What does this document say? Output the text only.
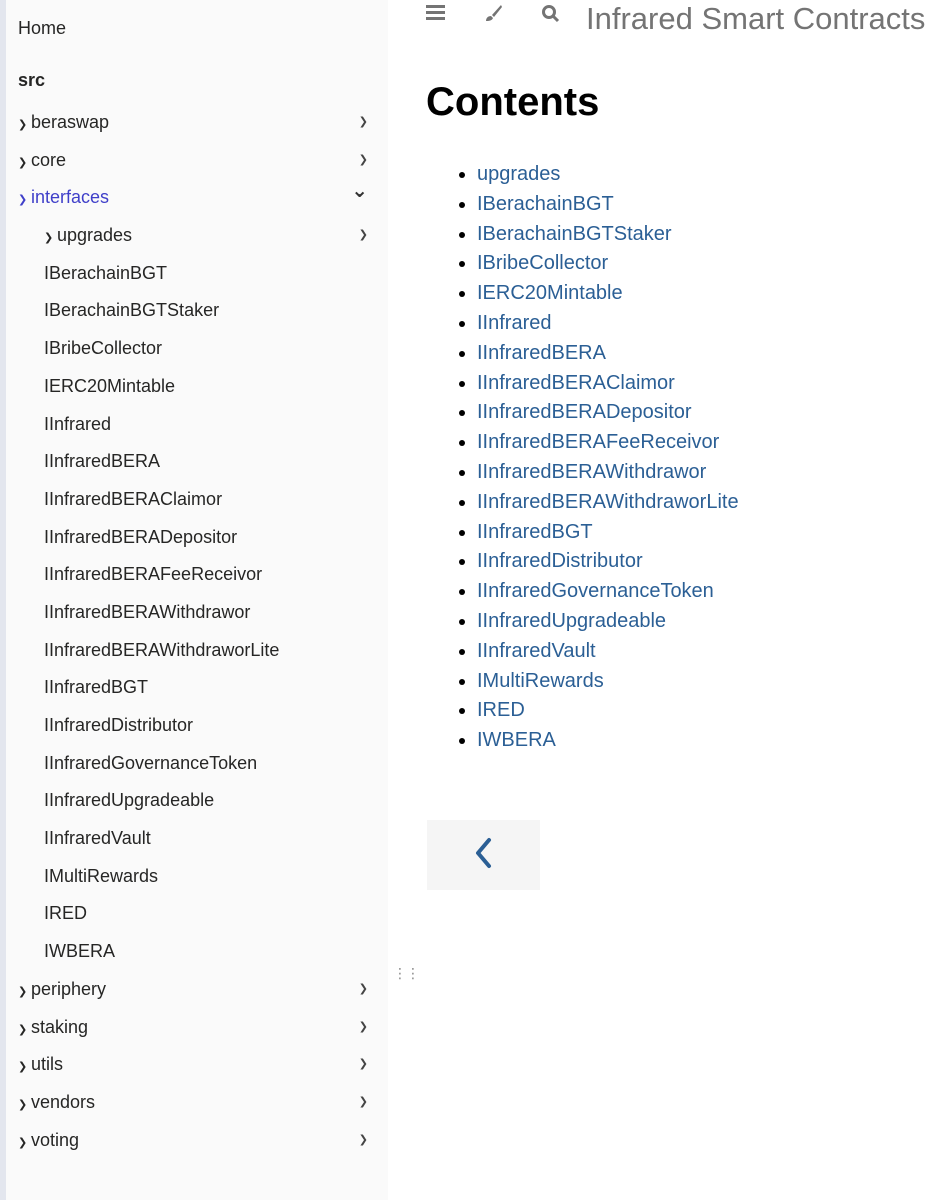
Home
src
❯ beraswap	❯
❯ core	❯
❯ interfaces	⌄
❯ upgrades	❯
IBerachainBGT
IBerachainBGTStaker
IBribeCollector
IERC20Mintable
IInfrared
IInfraredBERA
IInfraredBERAClaimor
IInfraredBERADepositor
IInfraredBERAFeeReceivor
IInfraredBERAWithdrawor
IInfraredBERAWithdraworLite
IInfraredBGT
IInfraredDistributor
IInfraredGovernanceToken
IInfraredUpgradeable
IInfraredVault
IMultiRewards
IRED
IWBERA
❯ periphery	❯
❯ staking	❯
❯ utils	❯
❯ vendors	❯
❯ voting	❯
⋮⋮
Infrared Smart Contracts
Contents
• upgrades
• IBerachainBGT
• IBerachainBGTStaker
• IBribeCollector
• IERC20Mintable
• IInfrared
• IInfraredBERA
• IInfraredBERAClaimor
• IInfraredBERADepositor
• IInfraredBERAFeeReceivor
• IInfraredBERAWithdrawor
• IInfraredBERAWithdraworLite
• IInfraredBGT
• IInfraredDistributor
• IInfraredGovernanceToken
• IInfraredUpgradeable
• IInfraredVault
• IMultiRewards
• IRED
• IWBERA
